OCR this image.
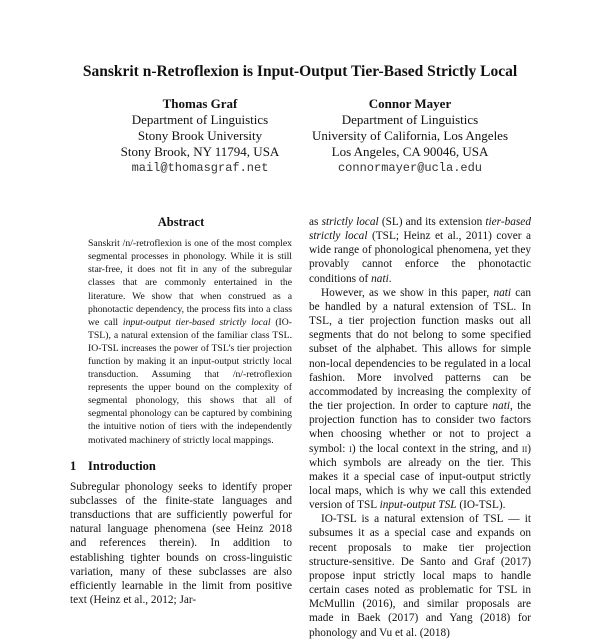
Sanskrit n-Retroflexion is Input-Output Tier-Based Strictly Local
Thomas Graf
Department of Linguistics
Stony Brook University
Stony Brook, NY 11794, USA
mail@thomasgraf.net
Connor Mayer
Department of Linguistics
University of California, Los Angeles
Los Angeles, CA 90046, USA
connormayer@ucla.edu
Abstract

Sanskrit /n/-retroflexion is one of the most complex segmental processes in phonology. While it is still star-free, it does not fit in any of the subregular classes that are commonly entertained in the literature. We show that when construed as a phonotactic dependency, the process fits into a class we call input-output tier-based strictly local (IO-TSL), a natural extension of the familiar class TSL. IO-TSL increases the power of TSL’s tier projection function by making it an input-output strictly local transduction. Assuming that /n/-retroflexion represents the upper bound on the complexity of segmental phonology, this shows that all of segmental phonology can be captured by combining the intuitive notion of tiers with the independently motivated machinery of strictly local mappings.

1 Introduction

Subregular phonology seeks to identify proper subclasses of the finite-state languages and transductions that are sufficiently powerful for natural language phenomena (see Heinz 2018 and references therein). In addition to establishing tighter bounds on cross-linguistic variation, many of these subclasses are also efficiently learnable in the limit from positive text (Heinz et al., 2012; Jar-

as strictly local (SL) and its extension tier-based strictly local (TSL; Heinz et al., 2011) cover a wide range of phonological phenomena, yet they provably cannot enforce the phonotactic conditions of nati.

However, as we show in this paper, nati can be handled by a natural extension of TSL. In TSL, a tier projection function masks out all segments that do not belong to some specified subset of the alphabet. This allows for simple non-local dependencies to be regulated in a local fashion. More involved patterns can be accommodated by increasing the complexity of the tier projection. In order to capture nati, the projection function has to consider two factors when choosing whether or not to project a symbol: i) the local context in the string, and ii) which symbols are already on the tier. This makes it a special case of input-output strictly local maps, which is why we call this extended version of TSL input-output TSL (IO-TSL).

IO-TSL is a natural extension of TSL — it subsumes it as a special case and expands on recent proposals to make tier projection structure-sensitive. De Santo and Graf (2017) propose input strictly local maps to handle certain cases noted as problematic for TSL in McMullin (2016), and similar proposals are made in Baek (2017) and Yang (2018) for phonology and Vu et al. (2018)
